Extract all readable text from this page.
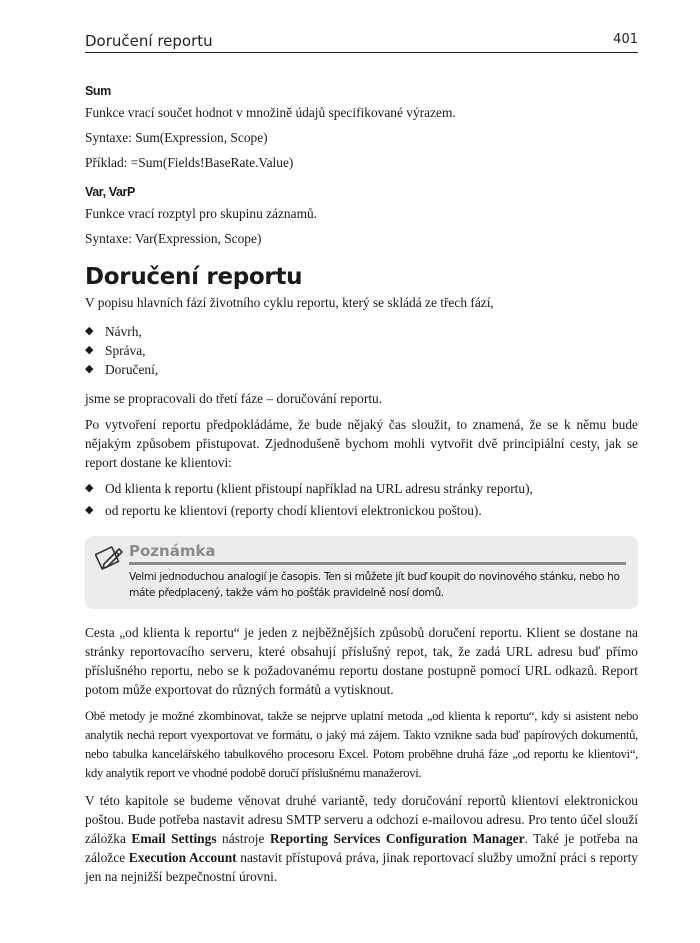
Doručení reportu	401
Sum

Funkce vrací součet hodnot v množině údajů specifikované výrazem.

Syntaxe: Sum(Expression, Scope)

Příklad: =Sum(Fields!BaseRate.Value)

Var, VarP

Funkce vrací rozptyl pro skupinu záznamů.

Syntaxe: Var(Expression, Scope)

Doručení reportu

V popisu hlavních fází životního cyklu reportu, který se skládá ze třech fází,

◆ Návrh,
◆ Správa,
◆ Doručení,

jsme se propracovali do třetí fáze – doručování reportu.

Po vytvoření reportu předpokládáme, že bude nějaký čas sloužit, to znamená, že se k němu bude nějakým způsobem přistupovat. Zjednodušeně bychom mohli vytvořit dvě principiální cesty, jak se report dostane ke klientovi:

◆ Od klienta k reportu (klient přistoupí například na URL adresu stránky reportu),
◆ od reportu ke klientovi (reporty chodí klientovi elektronickou poštou).
Poznámka

Velmi jednoduchou analogií je časopis. Ten si můžete jít buď koupit do novinového stánku, nebo ho máte předplacený, takže vám ho pošťák pravidelně nosí domů.

Cesta „od klienta k reportu“ je jeden z nejběžnějších způsobů doručení reportu. Klient se dostane na stránky reportovacího serveru, které obsahují příslušný repot, tak, že zadá URL adresu buď přímo příslušného reportu, nebo se k požadovanému reportu dostane postupně pomocí URL odkazů. Report potom může exportovat do různých formátů a vytisknout.

Obě metody je možné zkombinovat, takže se nejprve uplatní metoda „od klienta k reportu“, kdy si asistent nebo analytik nechá report vyexportovat ve formátu, o jaký má zájem. Takto vznikne sada buď papírových dokumentů, nebo tabulka kancelářského tabulkového procesoru Excel. Potom proběhne druhá fáze „od reportu ke klientovi“, kdy analytik report ve vhodné podobě doručí příslušnému manažerovi.

V této kapitole se budeme věnovat druhé variantě, tedy doručování reportů klientovi elektronickou poštou. Bude potřeba nastavit adresu SMTP serveru a odchozí e-mailovou adresu. Pro tento účel slouží záložka Email Settings nástroje Reporting Services Configuration Manager. Také je potřeba na záložce Execution Account nastavit přístupová práva, jinak reportovací služby umožní práci s reporty jen na nejnižší bezpečnostní úrovni.
